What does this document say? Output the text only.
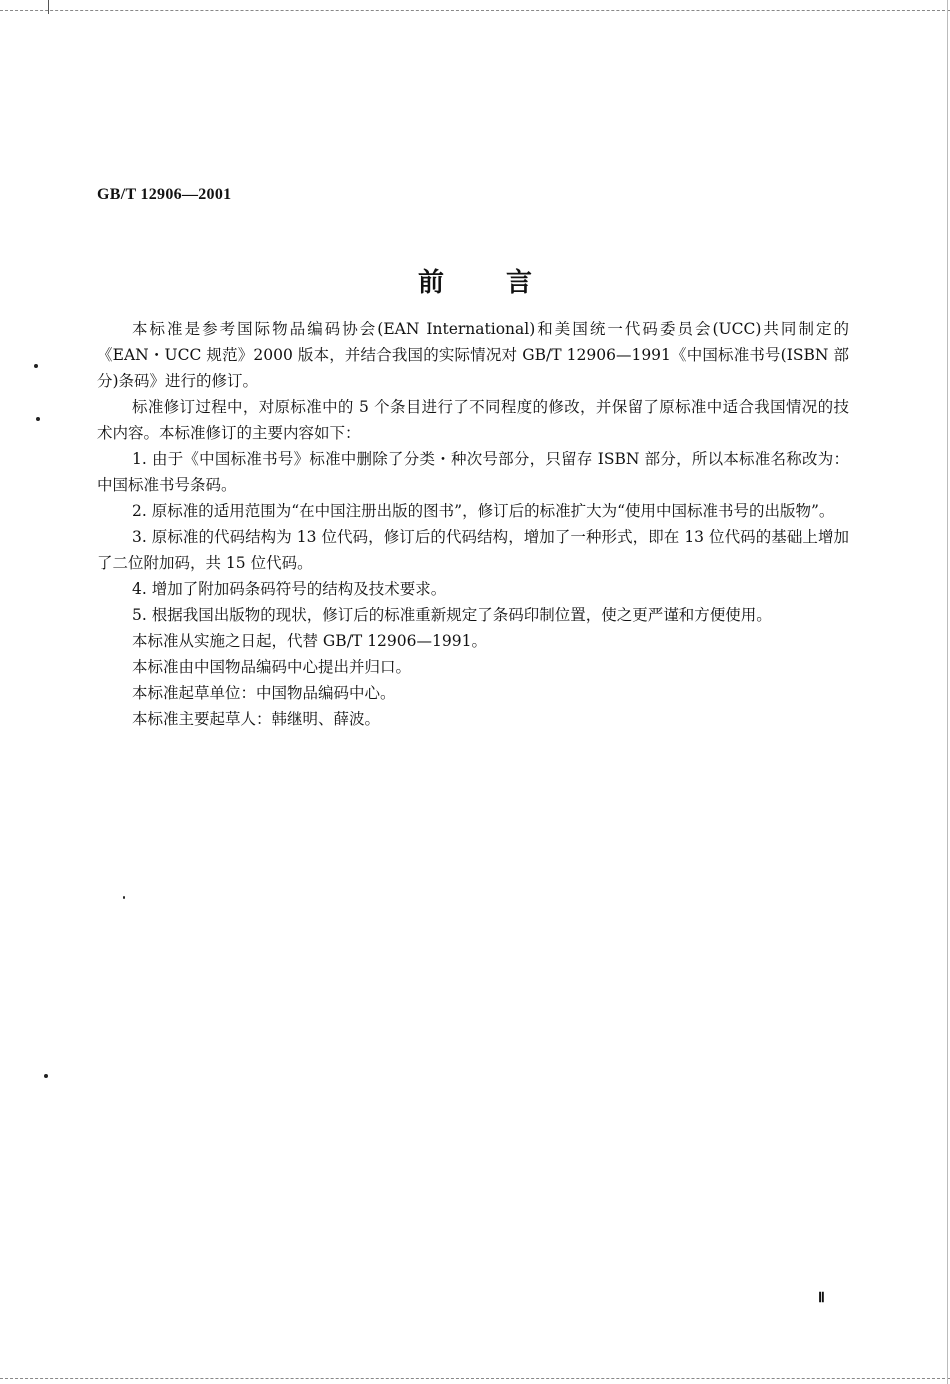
GB/T 12906—2001
前言

本标准是参考国际物品编码协会(EAN International)和美国统一代码委员会(UCC)共同制定的《EAN・UCC 规范》2000 版本，并结合我国的实际情况对 GB/T 12906—1991《中国标准书号(ISBN 部分)条码》进行的修订。

标准修订过程中，对原标准中的 5 个条目进行了不同程度的修改，并保留了原标准中适合我国情况的技术内容。本标准修订的主要内容如下：

1. 由于《中国标准书号》标准中删除了分类・种次号部分，只留存 ISBN 部分，所以本标准名称改为：中国标准书号条码。

2. 原标准的适用范围为“在中国注册出版的图书”，修订后的标准扩大为“使用中国标准书号的出版物”。

3. 原标准的代码结构为 13 位代码，修订后的代码结构，增加了一种形式，即在 13 位代码的基础上增加了二位附加码，共 15 位代码。

4. 增加了附加码条码符号的结构及技术要求。

5. 根据我国出版物的现状，修订后的标准重新规定了条码印制位置，使之更严谨和方便使用。

本标准从实施之日起，代替 GB/T 12906—1991。

本标准由中国物品编码中心提出并归口。

本标准起草单位：中国物品编码中心。

本标准主要起草人：韩继明、薛波。

Ⅱ
